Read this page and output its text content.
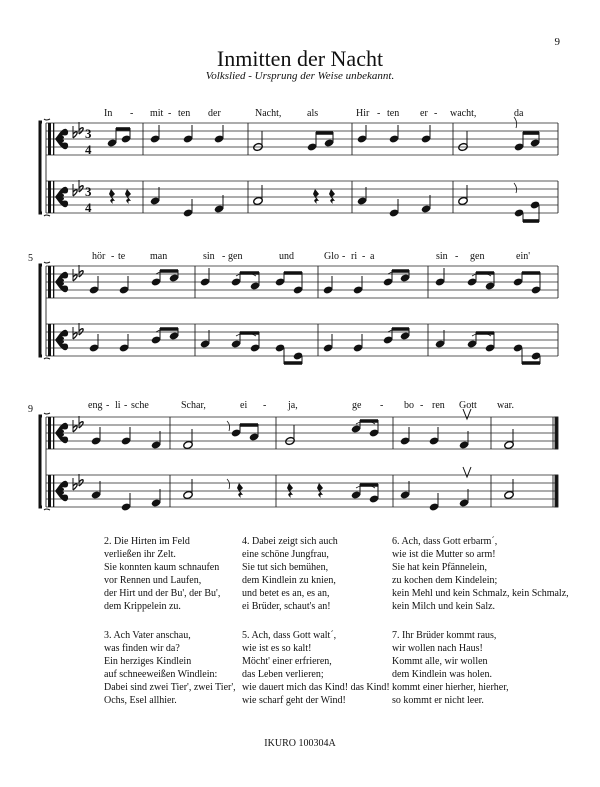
9
Inmitten der Nacht
Volkslied - Ursprung der Weise unbekannt.
In - mit - ten der	Nacht,	als	Hir - ten er - wacht,	da
hör - te man	sin - gen	und	Glo - ri - a	sin - gen	ein'
eng - li - sche	Schar,	ei - ja,	ge - bo - ren Gott war.
3
4
3
4
5
9
2. Die Hirten im Feld
verließen ihr Zelt.
Sie konnten kaum schnaufen
vor Rennen und Laufen,
der Hirt und der Bu', der Bu',
dem Krippelein zu.
3. Ach Vater anschau,
was finden wir da?
Ein herziges Kindlein
auf schneeweißen Windlein:
Dabei sind zwei Tier', zwei Tier',
Ochs, Esel allhier.
4. Dabei zeigt sich auch
eine schöne Jungfrau,
Sie tut sich bemühen,
dem Kindlein zu knien,
und betet es an, es an,
ei Brüder, schaut's an!
5. Ach, dass Gott walt´,
wie ist es so kalt!
Möcht' einer erfrieren,
das Leben verlieren;
wie dauert mich das Kind! das Kind!
wie scharf geht der Wind!
6. Ach, dass Gott erbarm´,
wie ist die Mutter so arm!
Sie hat kein Pfännelein,
zu kochen dem Kindelein;
kein Mehl und kein Schmalz, kein Schmalz,
kein Milch und kein Salz.
7. Ihr Brüder kommt raus,
wir wollen nach Haus!
Kommt alle, wir wollen
dem Kindlein was holen.
kommt einer hierher, hierher,
so kommt er nicht leer.
IKURO 100304A
